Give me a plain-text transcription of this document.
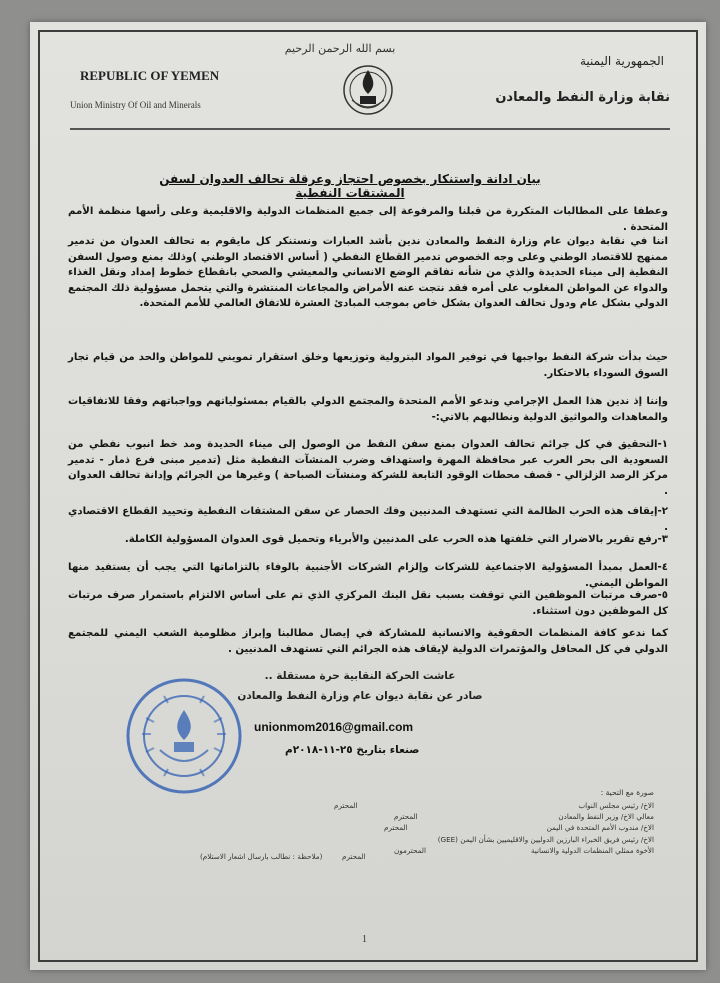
بسم الله الرحمن الرحيم
REPUBLIC OF YEMEN
Union Ministry Of Oil and Minerals
الجمهورية اليمنية
نقابة وزارة النفط والمعادن
بيان ادانة واستنكار بخصوص احتجاز وعرقلة تحالف العدوان لسفن المشتقات النفطية
وعطفا على المطالبات المتكررة من قبلنا والمرفوعة إلى جميع المنظمات الدولية والاقليمية وعلى رأسها منظمة الأمم المتحدة .
اننا في نقابة ديوان عام وزارة النفط والمعادن ندين بأشد العبارات ونستنكر كل مايقوم به تحالف العدوان من تدمير ممنهج للاقتصاد الوطني وعلى وجه الخصوص تدمير القطاع النفطي ( أساس الاقتصاد الوطني )وذلك بمنع وصول السفن النفطية إلى ميناء الحديدة والذي من شأنه تفاقم الوضع الانساني والمعيشي والصحي بانقطاع خطوط إمداد ونقل الغذاء والدواء عن المواطن المغلوب على أمره فقد نتجت عنه الأمراض والمجاعات المنتشرة والتي يتحمل مسؤولية ذلك المجتمع الدولي بشكل عام ودول تحالف العدوان بشكل خاص بموجب المبادئ العشرة للاتفاق العالمي للأمم المتحدة.
حيث بدأت شركة النفط بواجبها في توفير المواد البترولية وتوزيعها وخلق استقرار تمويني للمواطن والحد من قيام تجار السوق السوداء بالاحتكار.
وإننا إذ ندين هذا العمل الإجرامي وندعو الأمم المتحدة والمجتمع الدولي بالقيام بمسئولياتهم وواجباتهم وفقا للاتفاقيات والمعاهدات والمواثيق الدولية ونطالبهم بالاتي:-
١-التحقيق في كل جرائم تحالف العدوان بمنع سفن النفط من الوصول إلى ميناء الحديدة ومد خط انبوب نفطي من السعودية الى بحر العرب عبر محافظة المهرة واستهداف وضرب المنشآت النفطية مثل (تدمير مبنى فرع ذمار - تدمير مركز الرصد الزلزالي - قصف محطات الوقود التابعة للشركة ومنشآت الصباحة ) وغيرها من الجرائم وإدانة تحالف العدوان .
٢-إيقاف هذه الحرب الظالمة التي تستهدف المدنيين وفك الحصار عن سفن المشتقات النفطية وتحييد القطاع الاقتصادي .
٣-رفع تقرير بالاضرار التي خلفتها هذه الحرب على المدنيين والأبرياء وتحميل قوى العدوان المسؤولية الكاملة.
٤-العمل بمبدأ المسؤولية الاجتماعية للشركات وإلزام الشركات الأجنبية بالوفاء بالتزاماتها التي يجب أن يستفيد منها المواطن اليمني.
٥-صرف مرتبات الموظفين التي توقفت بسبب نقل البنك المركزي الذي تم على أساس الالتزام باستمرار صرف مرتبات كل الموظفين دون استثناء.
كما ندعو كافة المنظمات الحقوقية والانسانية للمشاركة في إيصال مطالبنا وإبراز مظلومية الشعب اليمني للمجتمع الدولي في كل المحافل والمؤتمرات الدولية لإيقاف هذه الجرائم التي تستهدف المدنيين .
عاشت الحركة النقابية حرة مستقلة ..
صادر عن نقابة ديوان عام وزارة النفط والمعادن
unionmom2016@gmail.com
صنعاء بتاريخ ٢٥-١١-٢٠١٨م
صورة مع التحية :
الاخ/ رئيس مجلس النواب
المحترم
معالي الاخ/ وزير النفط والمعادن
المحترم
الاخ/ مندوب الأمم المتحدة في اليمن
المحترم
الاخ/ رئيس فريق الخبراء البارزين الدوليين والاقليميين بشأن اليمن (GEE)
المحترم
الأخوة ممثلي المنظمات الدولية والانسانية
المحترمون
(ملاحظة : نطالب بارسال اشعار الاستلام)
1
